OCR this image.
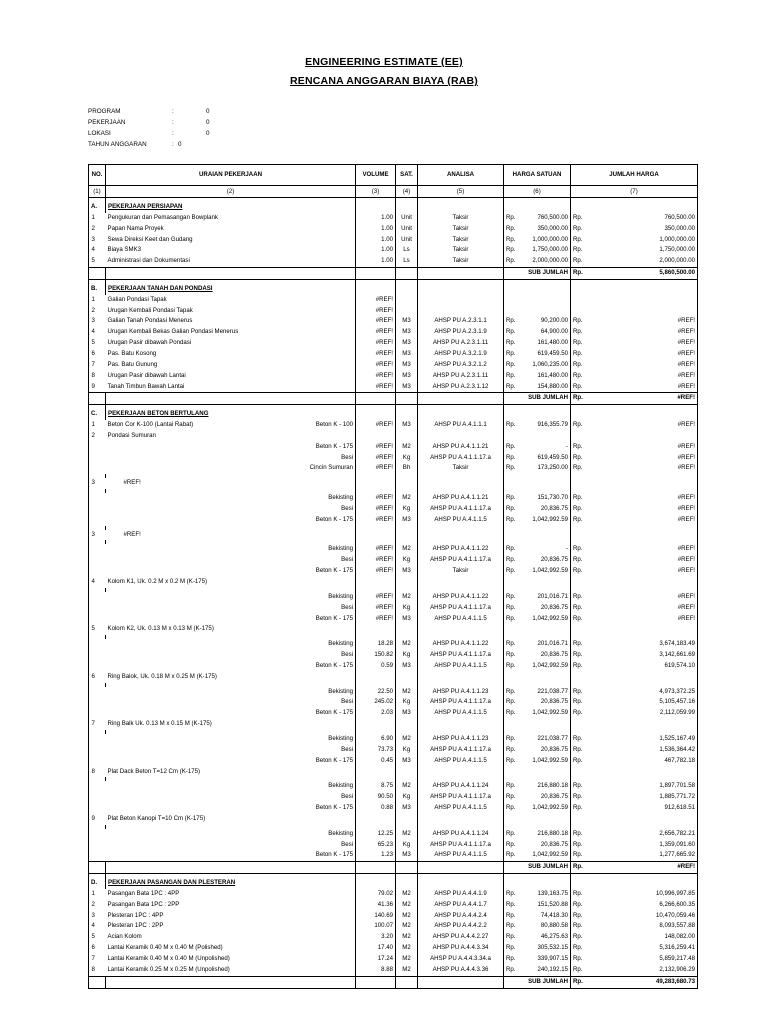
ENGINEERING ESTIMATE (EE)
RENCANA ANGGARAN BIAYA (RAB)
PROGRAM	:	0
PEKERJAAN	:	0
LOKASI	:	0
TAHUN ANGGARAN	: 0
NO.		URAIAN PEKERJAAN		VOLUME	SAT.	ANALISA	HARGA SATUAN		JUMLAH HARGA	
(1)		(2)		(3)	(4)	(5)	(6)		(7)	

A.		PEKERJAAN PERSIAPAN								
1		Pengukuran dan Pemasangan Bowplank		1.00	Unit	Taksir	Rp.	760,500.00	Rp.	760,500.00
2		Papan Nama Proyek		1.00	Unit	Taksir	Rp.	350,000.00	Rp.	350,000.00
3		Sewa Direksi Keet dan Gudang		1.00	Unit	Taksir	Rp.	1,000,000.00	Rp.	1,000,000.00
4		Biaya SMK3		1.00	Ls	Taksir	Rp.	1,750,000.00	Rp.	1,750,000.00
5		Administrasi dan Dokumentasi		1.00	Ls	Taksir	Rp.	2,000,000.00	Rp.	2,000,000.00
							SUB JUMLAH		Rp.	5,860,500.00

B.		PEKERJAAN TANAH DAN PONDASI								
1		Galian Pondasi Tapak		#REF!						
2		Urugan Kembali Pondasi Tapak		#REF!						
3		Galian Tanah Pondasi Menerus		#REF!	M3	AHSP PU A.2.3.1.1	Rp.	90,200.00	Rp.	#REF!
4		Urugan Kembali Bekas Galian Pondasi Menerus		#REF!	M3	AHSP PU A.2.3.1.9	Rp.	64,900.00	Rp.	#REF!
5		Urugan Pasir dibawah Pondasi		#REF!	M3	AHSP PU A.2.3.1.11	Rp.	161,480.00	Rp.	#REF!
6		Pas. Batu Kosong		#REF!	M3	AHSP PU A.3.2.1.9	Rp.	619,459.50	Rp.	#REF!
7		Pas. Batu Gunung		#REF!	M3	AHSP PU A.3.2.1.2	Rp.	1,060,235.00	Rp.	#REF!
8		Urugan Pasir dibawah Lantai		#REF!	M3	AHSP PU A.2.3.1.11	Rp.	161,480.00	Rp.	#REF!
9		Tanah Timbun Bawah Lantai		#REF!	M3	AHSP PU A.2.3.1.12	Rp.	154,880.00	Rp.	#REF!
							SUB JUMLAH		Rp.	#REF!

C.		PEKERJAAN BETON BERTULANG								
1		Beton Cor K-100 (Lantai Rabat)	Beton K - 100	#REF!	M3	AHSP PU A.4.1.1.1	Rp.	916,355.79	Rp.	#REF!
2		Pondasi Sumuran								
			Beton K - 175	#REF!	M2	AHSP PU A.4.1.1.21	Rp.	-	Rp.	#REF!
			Besi	#REF!	Kg	AHSP PU A.4.1.1.17.a	Rp.	619,459.50	Rp.	#REF!
			Cincin Sumuran	#REF!	Bh	Taksir	Rp.	173,250.00	Rp.	#REF!

3		#REF!								

			Bekisting	#REF!	M2	AHSP PU A.4.1.1.21	Rp.	151,730.70	Rp.	#REF!
			Besi	#REF!	Kg	AHSP PU A.4.1.1.17.a	Rp.	20,836.75	Rp.	#REF!
			Beton K - 175	#REF!	M3	AHSP PU A.4.1.1.5	Rp.	1,042,992.59	Rp.	#REF!

3		#REF!								

			Bekisting	#REF!	M2	AHSP PU A.4.1.1.22	Rp.	-	Rp.	#REF!
			Besi	#REF!	Kg	AHSP PU A.4.1.1.17.a	Rp.	20,836.75	Rp.	#REF!
			Beton K - 175	#REF!	M3	Taksir	Rp.	1,042,992.59	Rp.	#REF!
4		Kolom K1, Uk. 0.2 M x 0.2 M (K-175)								

			Bekisting	#REF!	M2	AHSP PU A.4.1.1.22	Rp.	201,016.71	Rp.	#REF!
			Besi	#REF!	Kg	AHSP PU A.4.1.1.17.a	Rp.	20,836.75	Rp.	#REF!
			Beton K - 175	#REF!	M3	AHSP PU A.4.1.1.5	Rp.	1,042,992.59	Rp.	#REF!
5		Kolom K2, Uk. 0.13 M x 0.13 M (K-175)								

			Bekisting	18.28	M2	AHSP PU A.4.1.1.22	Rp.	201,016.71	Rp.	3,674,183.49
			Besi	150.82	Kg	AHSP PU A.4.1.1.17.a	Rp.	20,836.75	Rp.	3,142,661.69
			Beton K - 175	0.59	M3	AHSP PU A.4.1.1.5	Rp.	1,042,992.59	Rp.	619,574.10
6		Ring Balok, Uk. 0.18 M x 0.25 M (K-175)								

			Bekisting	22.50	M2	AHSP PU A.4.1.1.23	Rp.	221,038.77	Rp.	4,973,372.25
			Besi	245.02	Kg	AHSP PU A.4.1.1.17.a	Rp.	20,836.75	Rp.	5,105,457.16
			Beton K - 175	2.03	M3	AHSP PU A.4.1.1.5	Rp.	1,042,992.59	Rp.	2,112,059.99
7		Ring Balk Uk. 0.13 M x 0.15 M (K-175)								

			Bekisting	6.90	M2	AHSP PU A.4.1.1.23	Rp.	221,038.77	Rp.	1,525,167.49
			Besi	73.73	Kg	AHSP PU A.4.1.1.17.a	Rp.	20,836.75	Rp.	1,536,364.42
			Beton K - 175	0.45	M3	AHSP PU A.4.1.1.5	Rp.	1,042,992.59	Rp.	467,782.18
8		Plat Dack Beton T=12 Cm (K-175)								

			Bekisting	8.75	M2	AHSP PU A.4.1.1.24	Rp.	216,880.18	Rp.	1,897,701.58
			Besi	90.50	Kg	AHSP PU A.4.1.1.17.a	Rp.	20,836.75	Rp.	1,885,771.72
			Beton K - 175	0.88	M3	AHSP PU A.4.1.1.5	Rp.	1,042,992.59	Rp.	912,618.51
9		Plat Beton Kanopi T=10 Cm (K-175)								

			Bekisting	12.25	M2	AHSP PU A.4.1.1.24	Rp.	216,880.18	Rp.	2,656,782.21
			Besi	65.23	Kg	AHSP PU A.4.1.1.17.a	Rp.	20,836.75	Rp.	1,359,091.60
			Beton K - 175	1.23	M3	AHSP PU A.4.1.1.5	Rp.	1,042,992.59	Rp.	1,277,665.92
							SUB JUMLAH		Rp.	#REF!

D.		PEKERJAAN PASANGAN DAN PLESTERAN								
1		Pasangan Bata 1PC : 4PP		79.02	M2	AHSP PU A.4.4.1.9	Rp.	139,163.75	Rp.	10,996,997.85
2		Pasangan Bata 1PC : 2PP		41.36	M2	AHSP PU A.4.4.1.7	Rp.	151,520.88	Rp.	6,266,600.35
3		Plesteran 1PC : 4PP		140.69	M2	AHSP PU A.4.4.2.4	Rp.	74,418.30	Rp.	10,470,059.46
4		Plesteran 1PC : 2PP		100.07	M2	AHSP PU A.4.4.2.2	Rp.	80,880.58	Rp.	8,093,557.88
5		Acian Kolom		3.20	M2	AHSP PU A.4.4.2.27	Rp.	46,275.63	Rp.	148,082.00
6		Lantai Keramik 0.40 M x 0.40 M (Polished)		17.40	M2	AHSP PU A.4.4.3.34	Rp.	305,532.15	Rp.	5,316,259.41
7		Lantai Keramik 0.40 M x 0.40 M (Unpolished)		17.24	M2	AHSP PU A.4.4.3.34.a	Rp.	339,907.15	Rp.	5,859,217.48
8		Lantai Keramik 0.25 M x 0.25 M (Unpolished)		8.88	M2	AHSP PU A.4.4.3.36	Rp.	240,192.15	Rp.	2,132,906.29
							SUB JUMLAH		Rp.	49,283,680.73
